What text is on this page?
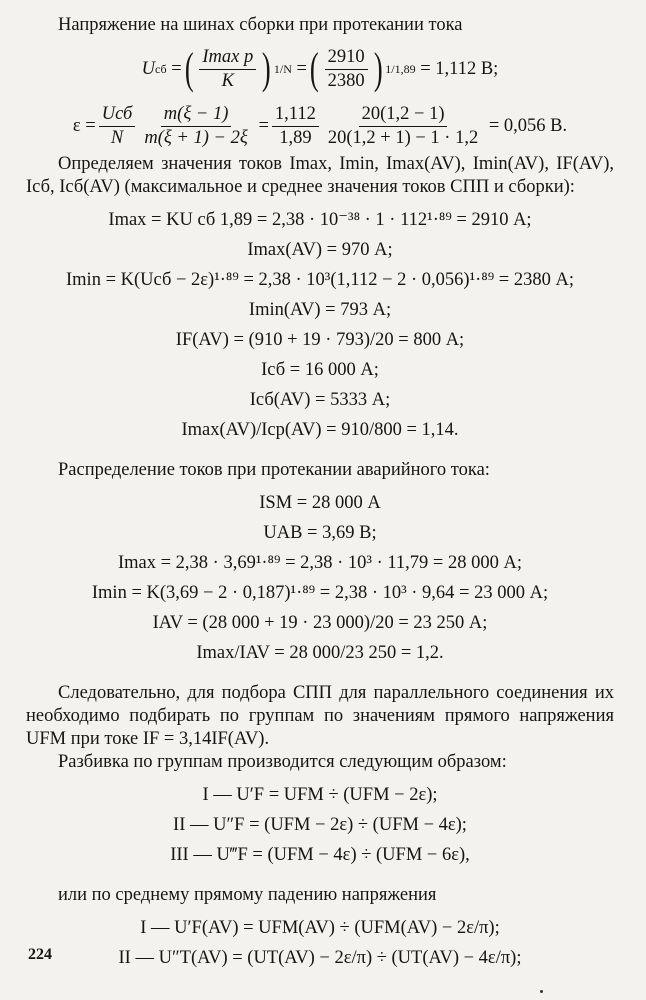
Напряжение на шинах сборки при протекании тока

U сб = ( $\frac{\text{Imax р}}{K}$ ) 1/N = ( $\frac{2910}{2380}$ ) 1/1,89
= 1,112 В;
$\varepsilon = \frac{\text{Uсб}}{N} \frac{m(\xi - 1)}{m(\xi + 1) - 2\xi} = \frac{1,112}{1,89} \frac{20(1,2 - 1)}{20(1,2 + 1) - 1 \cdot 1,2}$
= 0,056 В.

Определяем значения токов Imax, Imin, Imax(AV), Imin(AV), IF(AV), Iсб, Iсб(AV) (максимальное и среднее значения токов СПП и сборки):

Imax = KU сб 1,89 = 2,38 · 10⁻³⁸ · 1 · 112¹·⁸⁹ = 2910 А;
Imax(AV) = 970 А;
Imin = K(Uсб − 2ε)¹·⁸⁹ = 2,38 · 10³(1,112 − 2 · 0,056)¹·⁸⁹ = 2380 А;
Imin(AV) = 793 А;
IF(AV) = (910 + 19 · 793)/20 = 800 А;
Iсб = 16 000 А;
Iсб(AV) = 5333 А;
Imax(AV)/Iср(AV) = 910/800 = 1,14.

Распределение токов при протекании аварийного тока:

ISM = 28 000 А
UAB = 3,69 В;
Imax = 2,38 · 3,69¹·⁸⁹ = 2,38 · 10³ · 11,79 = 28 000 А;
Imin = K(3,69 − 2 · 0,187)¹·⁸⁹ = 2,38 · 10³ · 9,64 = 23 000 А;
IAV = (28 000 + 19 · 23 000)/20 = 23 250 А;
Imax/IAV = 28 000/23 250 = 1,2.

Следовательно, для подбора СПП для параллельного соединения их необходимо подбирать по группам по значениям прямого напряжения UFM при токе IF = 3,14IF(AV).

Разбивка по группам производится следующим образом:

I — U′F = UFM ÷ (UFM − 2ε);
II — U″F = (UFM − 2ε) ÷ (UFM − 4ε);
III — U‴F = (UFM − 4ε) ÷ (UFM − 6ε),

или по среднему прямому падению напряжения

I — U′F(AV) = UFM(AV) ÷ (UFM(AV) − 2ε/π);
II — U″T(AV) = (UT(AV) − 2ε/π) ÷ (UT(AV) − 4ε/π);
224
